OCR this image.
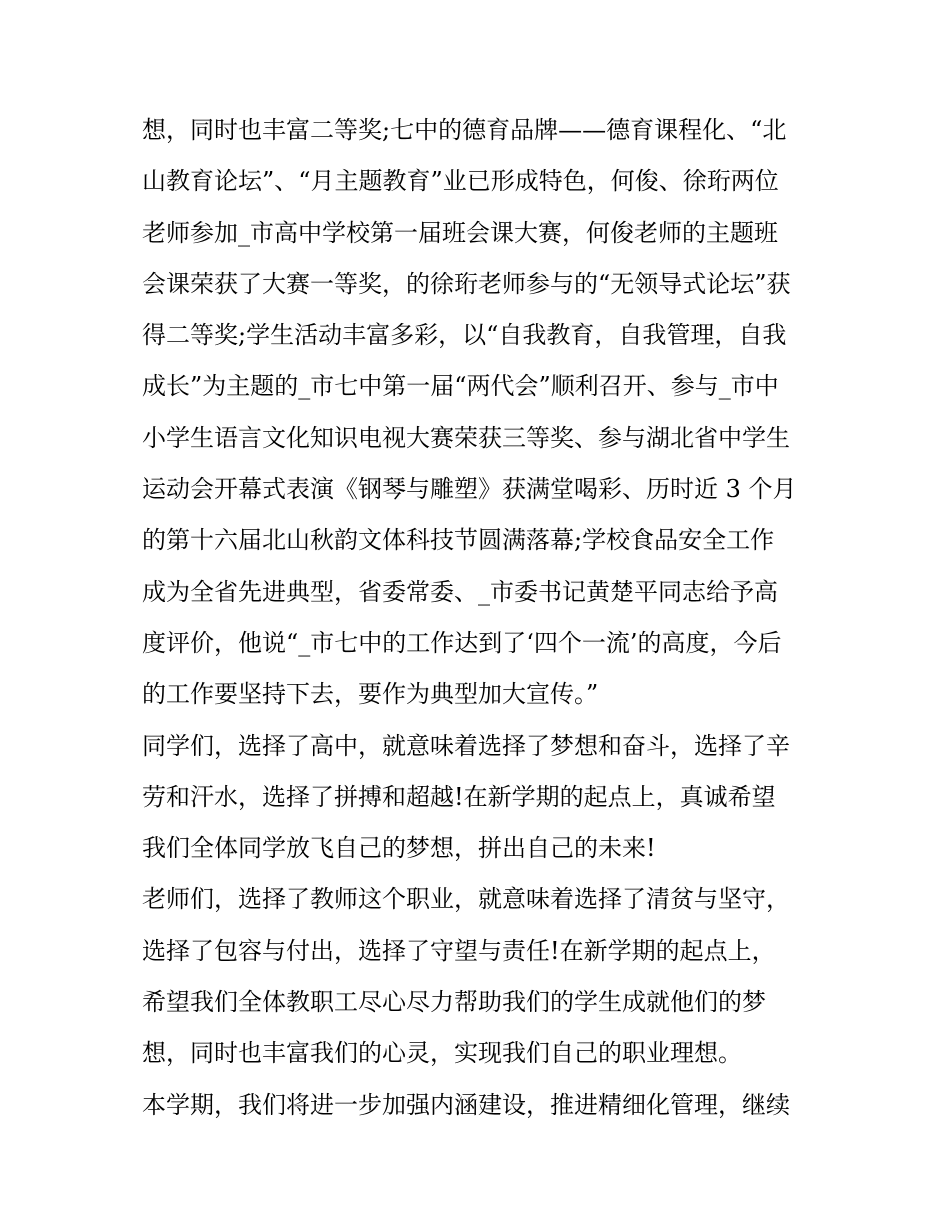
想，同时也丰富二等奖;七中的德育品牌——德育课程化、“北
山教育论坛”、“月主题教育”业已形成特色，何俊、徐珩两位
老师参加_市高中学校第一届班会课大赛，何俊老师的主题班
会课荣获了大赛一等奖，的徐珩老师参与的“无领导式论坛”获
得二等奖;学生活动丰富多彩，以“自我教育，自我管理，自我
成长”为主题的_市七中第一届“两代会”顺利召开、参与_市中
小学生语言文化知识电视大赛荣获三等奖、参与湖北省中学生
运动会开幕式表演《钢琴与雕塑》获满堂喝彩、历时近 3 个月
的第十六届北山秋韵文体科技节圆满落幕;学校食品安全工作
成为全省先进典型，省委常委、_市委书记黄楚平同志给予高
度评价，他说“_市七中的工作达到了‘四个一流’的高度，今后
的工作要坚持下去，要作为典型加大宣传。”
同学们，选择了高中，就意味着选择了梦想和奋斗，选择了辛
劳和汗水，选择了拼搏和超越!在新学期的起点上，真诚希望
我们全体同学放飞自己的梦想，拼出自己的未来!
老师们，选择了教师这个职业，就意味着选择了清贫与坚守，
选择了包容与付出，选择了守望与责任!在新学期的起点上，
希望我们全体教职工尽心尽力帮助我们的学生成就他们的梦
想，同时也丰富我们的心灵，实现我们自己的职业理想。
本学期，我们将进一步加强内涵建设，推进精细化管理，继续
